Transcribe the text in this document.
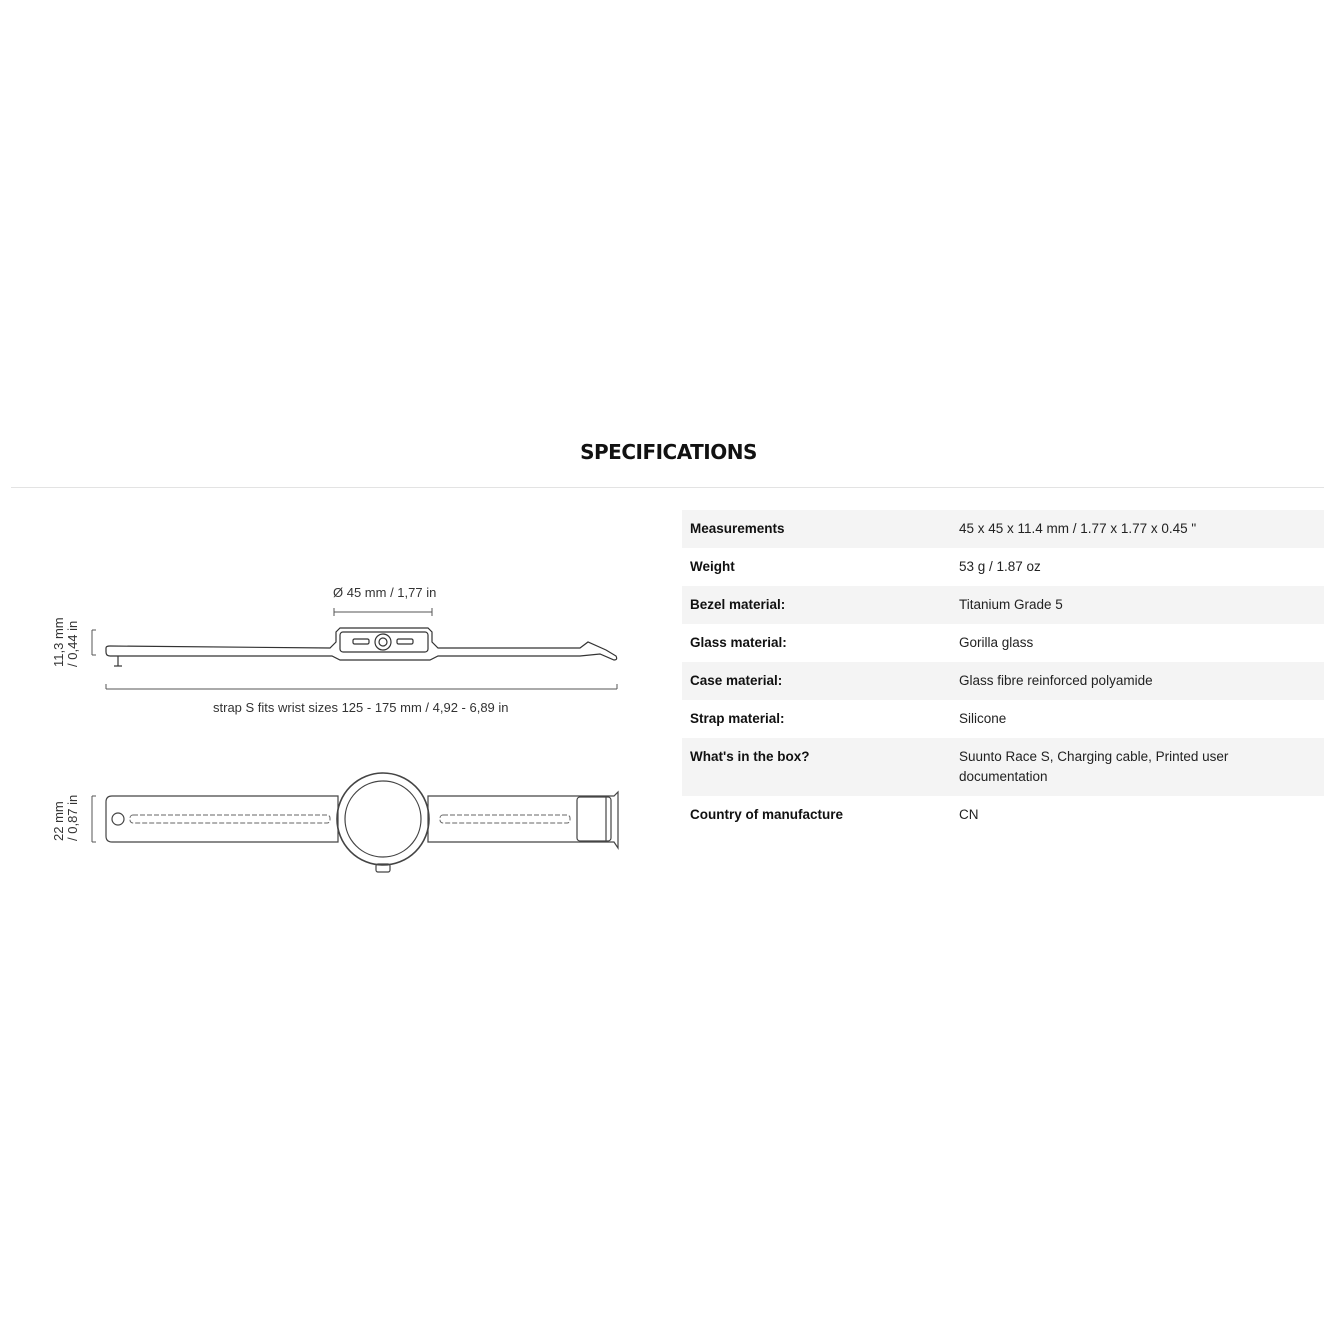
SPECIFICATIONS
Ø 45 mm / 1,77 in
11,3 mm / 0,44 in
strap S fits wrist sizes 125 - 175 mm / 4,92 - 6,89 in
22 mm / 0,87 in
Measurements	45 x 45 x 11.4 mm / 1.77 x 1.77 x 0.45 "
Weight	53 g / 1.87 oz
Bezel material:	Titanium Grade 5
Glass material:	Gorilla glass
Case material:	Glass fibre reinforced polyamide
Strap material:	Silicone
What's in the box?	Suunto Race S, Charging cable, Printed user documentation
Country of manufacture	CN
